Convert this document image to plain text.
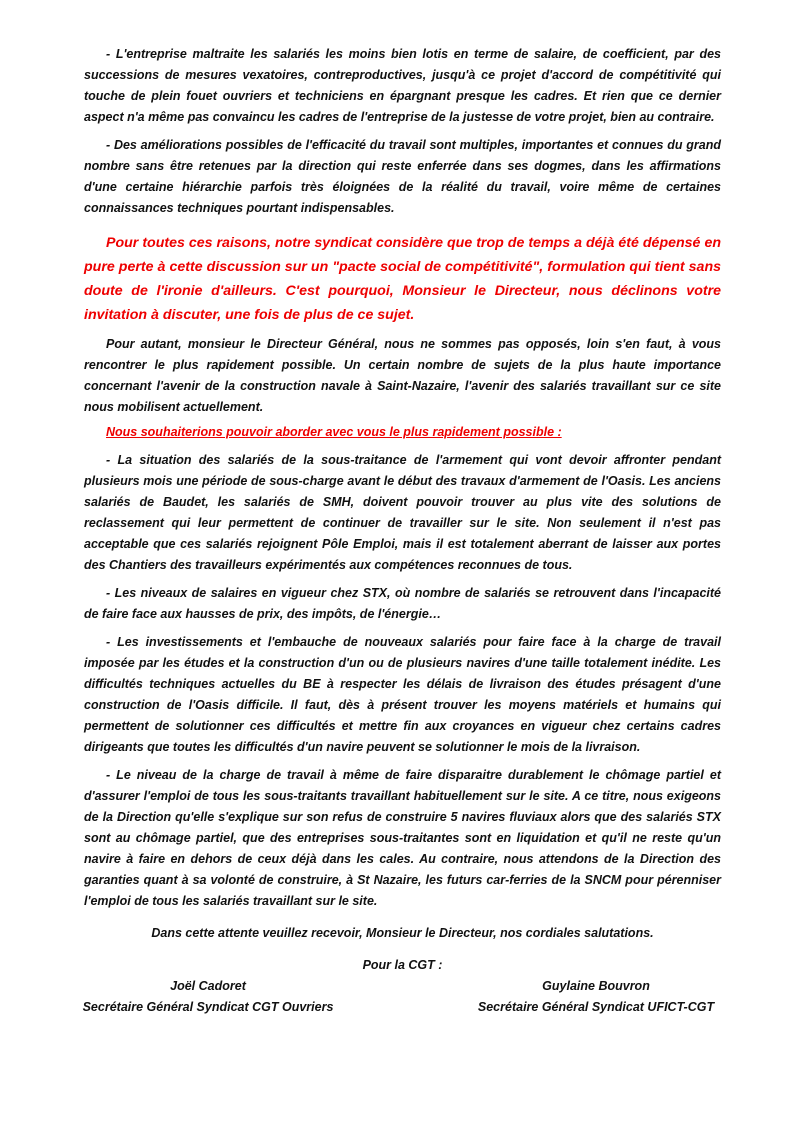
- L'entreprise maltraite les salariés les moins bien lotis en terme de salaire, de coefficient, par des successions de mesures vexatoires, contreproductives, jusqu'à ce projet d'accord de compétitivité qui touche de plein fouet ouvriers et techniciens en épargnant presque les cadres. Et rien que ce dernier aspect n'a même pas convaincu les cadres de l'entreprise de la justesse de votre projet, bien au contraire.

- Des améliorations possibles de l'efficacité du travail sont multiples, importantes et connues du grand nombre sans être retenues par la direction qui reste enferrée dans ses dogmes, dans les affirmations d'une certaine hiérarchie parfois très éloignées de la réalité du travail, voire même de certaines connaissances techniques pourtant indispensables.

Pour toutes ces raisons, notre syndicat considère que trop de temps a déjà été dépensé en pure perte à cette discussion sur un "pacte social de compétitivité", formulation qui tient sans doute de l'ironie d'ailleurs. C'est pourquoi, Monsieur le Directeur, nous déclinons votre invitation à discuter, une fois de plus de ce sujet.

Pour autant, monsieur le Directeur Général, nous ne sommes pas opposés, loin s'en faut, à vous rencontrer le plus rapidement possible. Un certain nombre de sujets de la plus haute importance concernant l'avenir de la construction navale à Saint-Nazaire, l'avenir des salariés travaillant sur ce site nous mobilisent actuellement.

Nous souhaiterions pouvoir aborder avec vous le plus rapidement possible :

- La situation des salariés de la sous-traitance de l'armement qui vont devoir affronter pendant plusieurs mois une période de sous-charge avant le début des travaux d'armement de l'Oasis. Les anciens salariés de Baudet, les salariés de SMH, doivent pouvoir trouver au plus vite des solutions de reclassement qui leur permettent de continuer de travailler sur le site. Non seulement il n'est pas acceptable que ces salariés rejoignent Pôle Emploi, mais il est totalement aberrant de laisser aux portes des Chantiers des travailleurs expérimentés aux compétences reconnues de tous.

- Les niveaux de salaires en vigueur chez STX, où nombre de salariés se retrouvent dans l'incapacité de faire face aux hausses de prix, des impôts, de l'énergie…

- Les investissements et l'embauche de nouveaux salariés pour faire face à la charge de travail imposée par les études et la construction d'un ou de plusieurs navires d'une taille totalement inédite. Les difficultés techniques actuelles du BE à respecter les délais de livraison des études présagent d'une construction de l'Oasis difficile. Il faut, dès à présent trouver les moyens matériels et humains qui permettent de solutionner ces difficultés et mettre fin aux croyances en vigueur chez certains cadres dirigeants que toutes les difficultés d'un navire peuvent se solutionner le mois de la livraison.

- Le niveau de la charge de travail à même de faire disparaitre durablement le chômage partiel et d'assurer l'emploi de tous les sous-traitants travaillant habituellement sur le site. A ce titre, nous exigeons de la Direction qu'elle s'explique sur son refus de construire 5 navires fluviaux alors que des salariés STX sont au chômage partiel, que des entreprises sous-traitantes sont en liquidation et qu'il ne reste qu'un navire à faire en dehors de ceux déjà dans les cales. Au contraire, nous attendons de la Direction des garanties quant à sa volonté de construire, à St Nazaire, les futurs car-ferries de la SNCM pour pérenniser l'emploi de tous les salariés travaillant sur le site.

Dans cette attente veuillez recevoir, Monsieur le Directeur, nos cordiales salutations.

Pour la CGT :

Joël Cadoret
Secrétaire Général Syndicat CGT Ouvriers
Guylaine Bouvron
Secrétaire Général Syndicat UFICT-CGT
